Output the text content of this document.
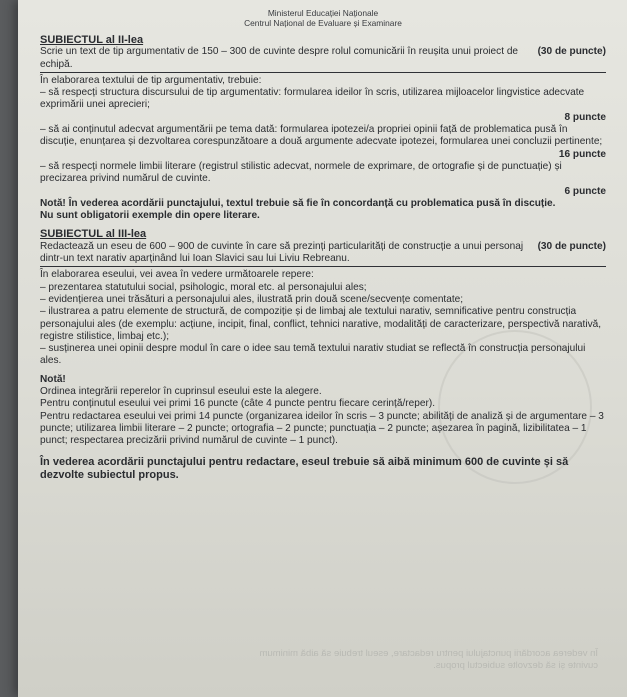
Ministerul Educației Naționale
Centrul Național de Evaluare și Examinare
SUBIECTUL al II-lea

Scrie un text de tip argumentativ de 150 – 300 de cuvinte despre rolul comunicării în reușita unui proiect de echipă.

(30 de puncte)

În elaborarea textului de tip argumentativ, trebuie:

– să respecți structura discursului de tip argumentativ: formularea ideilor în scris, utilizarea mijloacelor lingvistice adecvate exprimării unei aprecieri;

8 puncte

– să ai conținutul adecvat argumentării pe tema dată: formularea ipotezei/a propriei opinii față de problematica pusă în discuție, enunțarea și dezvoltarea corespunzătoare a două argumente adecvate ipotezei, formularea unei concluzii pertinente;

16 puncte

– să respecți normele limbii literare (registrul stilistic adecvat, normele de exprimare, de ortografie și de punctuație) și precizarea privind numărul de cuvinte.

6 puncte

Notă! În vederea acordării punctajului, textul trebuie să fie în concordanță cu problematica pusă în discuție.

Nu sunt obligatorii exemple din opere literare.

SUBIECTUL al III-lea

Redactează un eseu de 600 – 900 de cuvinte în care să prezinți particularități de construcție a unui personaj dintr-un text narativ aparținând lui Ioan Slavici sau lui Liviu Rebreanu.

(30 de puncte)

În elaborarea eseului, vei avea în vedere următoarele repere:

– prezentarea statutului social, psihologic, moral etc. al personajului ales;

– evidențierea unei trăsături a personajului ales, ilustrată prin două scene/secvențe comentate;

– ilustrarea a patru elemente de structură, de compoziție și de limbaj ale textului narativ, semnificative pentru construcția personajului ales (de exemplu: acțiune, incipit, final, conflict, tehnici narative, modalități de caracterizare, perspectivă narativă, registre stilistice, limbaj etc.);

– susținerea unei opinii despre modul în care o idee sau temă textului narativ studiat se reflectă în construcția personajului ales.

Notă!

Ordinea integrării reperelor în cuprinsul eseului este la alegere.

Pentru conținutul eseului vei primi 16 puncte (câte 4 puncte pentru fiecare cerință/reper).

Pentru redactarea eseului vei primi 14 puncte (organizarea ideilor în scris – 3 puncte; abilități de analiză și de argumentare – 3 puncte; utilizarea limbii literare – 2 puncte; ortografia – 2 puncte; punctuația – 2 puncte; așezarea în pagină, lizibilitatea – 1 punct; respectarea precizării privind numărul de cuvinte – 1 punct).

În vederea acordării punctajului pentru redactare, eseul trebuie să aibă minimum 600 de cuvinte și să dezvolte subiectul propus.

În vederea acordării punctajului pentru redactare, eseul trebuie să aibă minimum
cuvinte și să dezvolte subiectul propus.
